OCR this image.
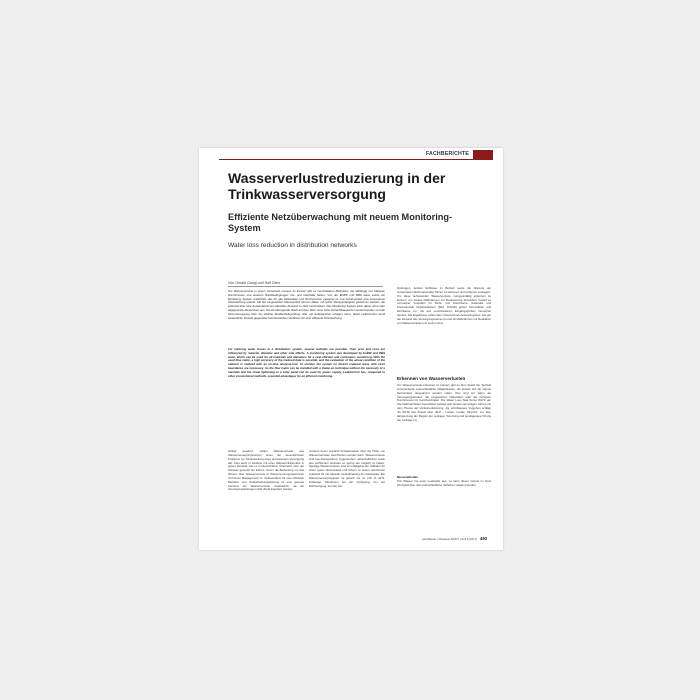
FACHBERICHTE
Wasserverlustreduzierung in der Trinkwasserversorgung
Effiziente Netzüberwachung mit neuem Monitoring-System
Water loss reduction in distribution networks
Von Gerald Gangl und Ralf Dietz

Um Wasserverluste in einem Verteilnetz messen zu können gibt es verschiedene Methoden, die abhängig von Material, Durchmesser und anderen Randbedingungen Vor- und Nachteile haben. Von der EnBW und RBS wave wurde ein Monitoring System entwickelt, das für alle Materialien und Durchmesser geeignet ist und kontinuierlich eine kostenarme Überwachung erlaubt. Mit der eingesetzten Messtechnik können Daten mit hoher Messgenauigkeit gewonnen werden, die jederzeit über eine Auswertetool den aktuellen Zustand im Netz beschreiben. Das Monitoring System kann daher ohne starr abgegrenzte Messzonen aus. Da die Messgeräte direkt auf dem Rohr ohne hohe Schachtbauwerke montiert werden und die Stromversorgung über die örtliche Straßenbeleuchtung oder mit Solarpanelen erfolgen kann, bietet LeakControl somit wesentliche Vorteile gegenüber herkömmlichen Verfahren für eine effiziente Überwachung.

For metering water losses in a distribution system, several methods are possible. Their pros and cons are influenced by material, diameter and other side effects. A monitoring system was developed by EnBW and RBS wave, which can be used for all materials and diameters for a cost-efficient and continuous monitoring. With the used flow meter, a high accuracy of the metered data is possible, and the evaluation of the actual condition of the network is realized with an on-time analysis-tool. To monitor the system no district metered areas with strict boundaries are necessary. As the flow meter can be installed with a clamp-on technique without the necessity of a manhole and the street lightening or a solar panel can be used for power supply, LeakControl has, compared to other conventional methods, essential advantages for an efficient monitoring.

Global gesehen stellen Wasserverluste aus Wasserversorgungsnetzen eines der wesentlichsten Probleme zur Sicherstellung einer permanenten Versorgung dar. Aber auch in Ländern mit einer Wasserinfrastruktur in gutem Zustand, wie es in Deutschland, Österreich oder der Schweiz generell der Fall ist, nimmt die Bedeutung um das Wissen über Wasserverluste in Wasserversorgungsnetzen und deren Management zu. Insbesondere für eine effiziente Betriebs- und Instandhaltungsplanung ist eine genaue Kenntnis der Wasserverluste unerlässlich, da die Versorgungsleitungen nicht direkt inspiziert werden,

sondern deren Zustand beispielsweise über die Höhe von Wasserverlusten beschrieben werden kann. Wasserverluste sind aus ökologischen, hygienischen, wirtschaftlichen sowie aus rechtlichen Gründen so gering wie möglich zu halten. Niedrige Wasserverluste sind ein maßgebender Indikator für einen guten Netzzustand und führen zu einem reduzierten Aufwand für die aktuelle Instandhaltung der Netzwerke. Ein Wasserversorgungsnetz ist jedoch nie zu 100 % dicht. Zulässige Toleranzen bei der Verlegung, bei der Rohrfertigung, bei den Ver-

bindungen, äußere Einflüsse im Betrieb sowie die Alterung der verwendeten Rohrmaterialien führen zu kleineren und größeren Leckagen. Um diese auftretenden Wasserverluste mengenmäßig erkennen zu können, um daraus Maßnahmen zur Reduzierung abzuleiten, bedarf es normativer Vorgaben für Richt- und Grenzwerte. Nationale und internationale Organisationen (IWA, DVGW) geben Kennzahlen und Richtwerte vor, die aus verschiedenen Eingangsgrößen berechnet werden. Die Ergebnisse sollen dem Unternehmen Auskunft geben, wie gut der Zustand des Versorgungsnetzes ist und ob Maßnahmen zur Reduktion von Wasserverlusten zu setzen sind.

Erkennen von Wasserverlusten

Um Wasserverluste erkennen zu können gibt es dem Stand der Technik entsprechend unterschiedliche Möglichkeiten, die jeweils auf die eigene Netzstruktur abgestimmt werden sollen. Hier sind vor allem die Versorgungsstruktur, die eingesetzten Materialien oder die verlegten Durchmesser zu berücksichtigen. Die Water Loss Task Force WLTF der International Water Association befasst sich bereits seit einigen Jahren mit dem Thema der Verlustreduzierung. Als schrittweises Vorgehen schlägt die WLTF den Ansatz über „ELP – Locate, Locate, Pinpoint“ vor, also Eingrenzung der Region der Leckage, Vorortung und punktgenaue Ortung der Leckage [1].

Messmethoden

Tritt Wasser bei einer Leckstelle aus, so kann dieser Verlust im Netz prinzipiell über drei unterschiedliche Verfahren erkannt werden.

gwf-Wasser | Abwasser 6/2017 | Heft 8 (2017) 493
